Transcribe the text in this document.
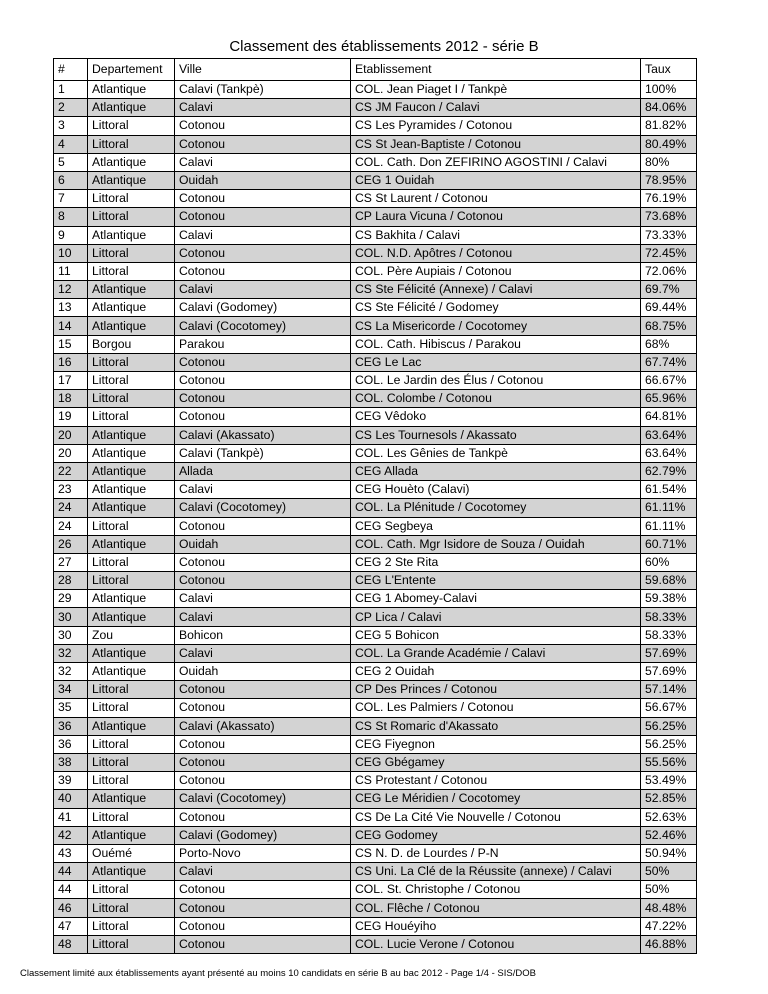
Classement des établissements 2012 - série B
#	Departement	Ville	Etablissement	Taux
1	Atlantique	Calavi (Tankpè)	COL. Jean Piaget I / Tankpè	100%
2	Atlantique	Calavi	CS JM Faucon / Calavi	84.06%
3	Littoral	Cotonou	CS Les Pyramides / Cotonou	81.82%
4	Littoral	Cotonou	CS St Jean-Baptiste / Cotonou	80.49%
5	Atlantique	Calavi	COL. Cath. Don ZEFIRINO AGOSTINI / Calavi	80%
6	Atlantique	Ouidah	CEG 1 Ouidah	78.95%
7	Littoral	Cotonou	CS St Laurent / Cotonou	76.19%
8	Littoral	Cotonou	CP Laura Vicuna / Cotonou	73.68%
9	Atlantique	Calavi	CS Bakhita / Calavi	73.33%
10	Littoral	Cotonou	COL. N.D. Apôtres / Cotonou	72.45%
11	Littoral	Cotonou	COL. Père Aupiais / Cotonou	72.06%
12	Atlantique	Calavi	CS Ste Félicité (Annexe) / Calavi	69.7%
13	Atlantique	Calavi (Godomey)	CS Ste Félicité / Godomey	69.44%
14	Atlantique	Calavi (Cocotomey)	CS La Misericorde / Cocotomey	68.75%
15	Borgou	Parakou	COL. Cath. Hibiscus / Parakou	68%
16	Littoral	Cotonou	CEG Le Lac	67.74%
17	Littoral	Cotonou	COL. Le Jardin des Élus / Cotonou	66.67%
18	Littoral	Cotonou	COL. Colombe / Cotonou	65.96%
19	Littoral	Cotonou	CEG Vêdoko	64.81%
20	Atlantique	Calavi (Akassato)	CS Les Tournesols / Akassato	63.64%
20	Atlantique	Calavi (Tankpè)	COL. Les Gênies de Tankpè	63.64%
22	Atlantique	Allada	CEG Allada	62.79%
23	Atlantique	Calavi	CEG Houèto (Calavi)	61.54%
24	Atlantique	Calavi (Cocotomey)	COL. La Plénitude / Cocotomey	61.11%
24	Littoral	Cotonou	CEG Segbeya	61.11%
26	Atlantique	Ouidah	COL. Cath. Mgr Isidore de Souza / Ouidah	60.71%
27	Littoral	Cotonou	CEG 2 Ste Rita	60%
28	Littoral	Cotonou	CEG L'Entente	59.68%
29	Atlantique	Calavi	CEG 1 Abomey-Calavi	59.38%
30	Atlantique	Calavi	CP Lica / Calavi	58.33%
30	Zou	Bohicon	CEG 5 Bohicon	58.33%
32	Atlantique	Calavi	COL. La Grande Académie / Calavi	57.69%
32	Atlantique	Ouidah	CEG 2 Ouidah	57.69%
34	Littoral	Cotonou	CP Des Princes / Cotonou	57.14%
35	Littoral	Cotonou	COL. Les Palmiers / Cotonou	56.67%
36	Atlantique	Calavi (Akassato)	CS St Romaric d'Akassato	56.25%
36	Littoral	Cotonou	CEG Fiyegnon	56.25%
38	Littoral	Cotonou	CEG Gbégamey	55.56%
39	Littoral	Cotonou	CS Protestant / Cotonou	53.49%
40	Atlantique	Calavi (Cocotomey)	CEG Le Méridien / Cocotomey	52.85%
41	Littoral	Cotonou	CS De La Cité Vie Nouvelle / Cotonou	52.63%
42	Atlantique	Calavi (Godomey)	CEG Godomey	52.46%
43	Ouémé	Porto-Novo	CS N. D. de Lourdes / P-N	50.94%
44	Atlantique	Calavi	CS Uni. La Clé de la Réussite (annexe) / Calavi	50%
44	Littoral	Cotonou	COL. St. Christophe / Cotonou	50%
46	Littoral	Cotonou	COL. Flêche / Cotonou	48.48%
47	Littoral	Cotonou	CEG Houéyiho	47.22%
48	Littoral	Cotonou	COL. Lucie Verone / Cotonou	46.88%
Classement limité aux établissements ayant présenté au moins 10 candidats en série B au bac 2012 - Page 1/4 - SIS/DOB
